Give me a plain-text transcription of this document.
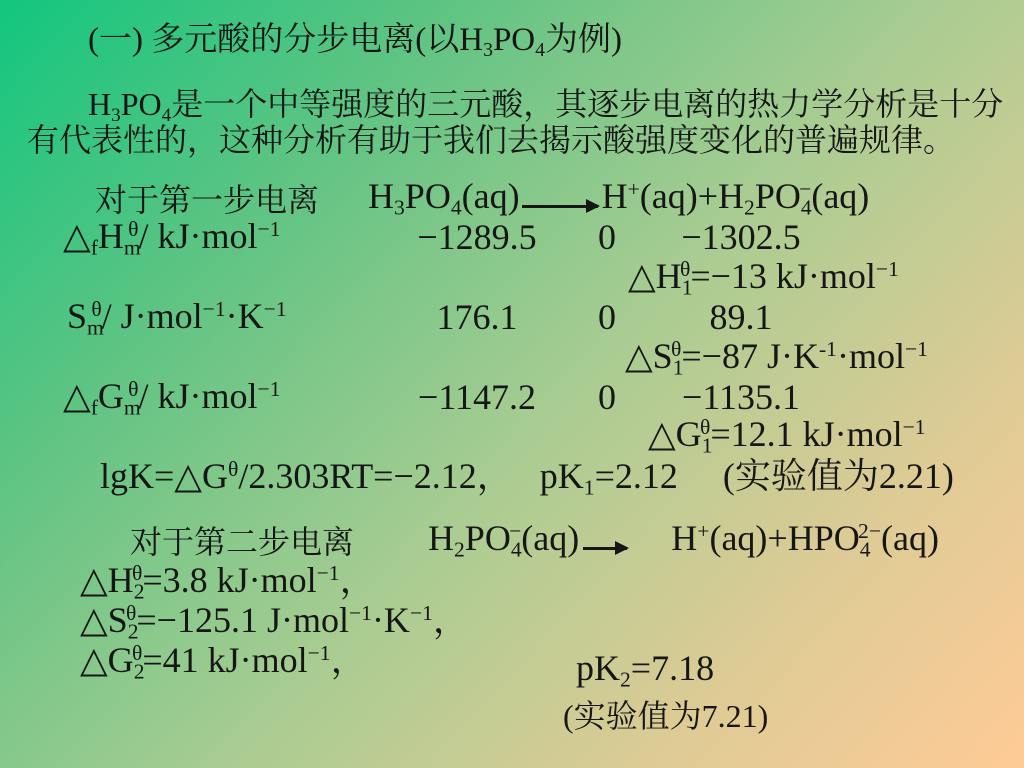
(一) 多元酸的分步电离(以$H_3PO_4$为例)
$H_3PO_4$是一个中等强度的三元酸，其逐步电离的热力学分析是十分
有代表性的，这种分析有助于我们去揭示酸强度变化的普遍规律。
对于第一步电离 $H_3PO_4(aq) \to H^+(aq)+H_2PO_4^-(aq)$
$\triangle_fH_m^\theta/$ kJ·mol$^{-1}$	−1289.5	0	−1302.5
$\triangle H_1^\theta=-13$ kJ·mol$^{-1}$
$S_m^\theta/$ $J\cdot mol^{-1}\cdot K^{-1}$	176.1	0	89.1
$\triangle S_1^\theta=-87$ $J\cdot K^{-1}\cdot mol^{-1}$
$\triangle_fG_m^\theta/$ kJ·mol$^{-1}$	−1147.2	0	−1135.1
$\triangle G_1^\theta=12.1$ kJ·mol$^{-1}$
$\lg K=\triangle G^\theta/2.303RT=-2.12$，   $pK_1=2.12$     (实验值为2.21)
对于第二步电离 $H_2PO_4^-(aq) \to H^+(aq)+HPO_4^{2-}(aq)$
$\triangle H_2^\theta=3.8$ kJ·mol$^{-1}$，
$\triangle S_2^\theta=-125.1$ $J\cdot mol^{-1}\cdot K^{-1}$，
$\triangle G_2^\theta=41$ kJ·mol$^{-1}$，	$pK_2=7.18$
(实验值为7.21)
